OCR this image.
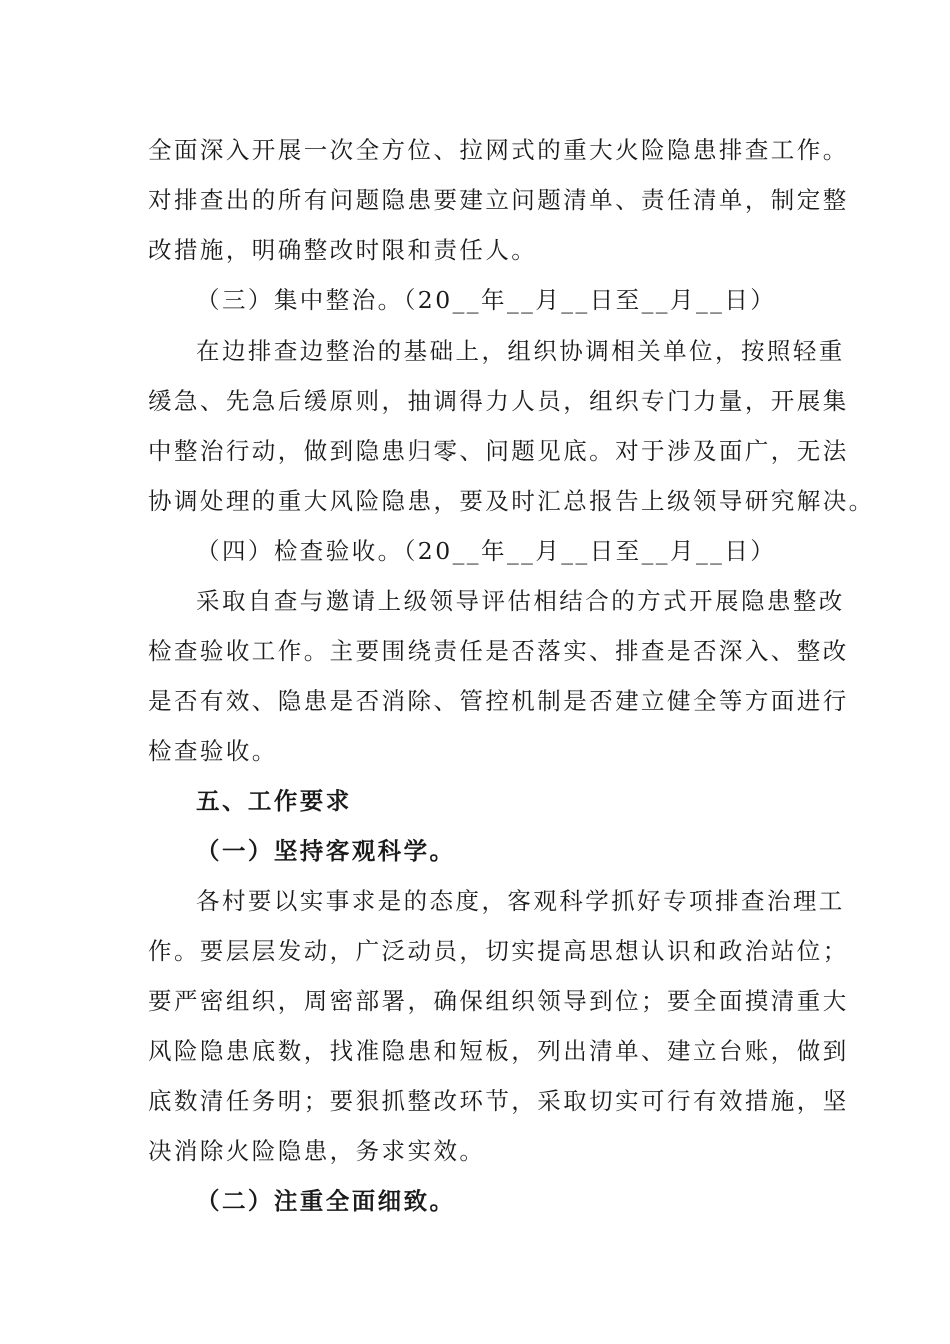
全面深入开展一次全方位、拉网式的重大火险隐患排查工作。
对排查出的所有问题隐患要建立问题清单、责任清单，制定整
改措施，明确整改时限和责任人。
（三）集中整治。（20__年__月__日至__月__日）
在边排查边整治的基础上，组织协调相关单位，按照轻重
缓急、先急后缓原则，抽调得力人员，组织专门力量，开展集
中整治行动，做到隐患归零、问题见底。对于涉及面广，无法
协调处理的重大风险隐患，要及时汇总报告上级领导研究解决。
（四）检查验收。（20__年__月__日至__月__日）
采取自查与邀请上级领导评估相结合的方式开展隐患整改
检查验收工作。主要围绕责任是否落实、排查是否深入、整改
是否有效、隐患是否消除、管控机制是否建立健全等方面进行
检查验收。
五、工作要求
（一）坚持客观科学。
各村要以实事求是的态度，客观科学抓好专项排查治理工
作。要层层发动，广泛动员，切实提高思想认识和政治站位；
要严密组织，周密部署，确保组织领导到位；要全面摸清重大
风险隐患底数，找准隐患和短板，列出清单、建立台账，做到
底数清任务明；要狠抓整改环节，采取切实可行有效措施，坚
决消除火险隐患，务求实效。
（二）注重全面细致。
